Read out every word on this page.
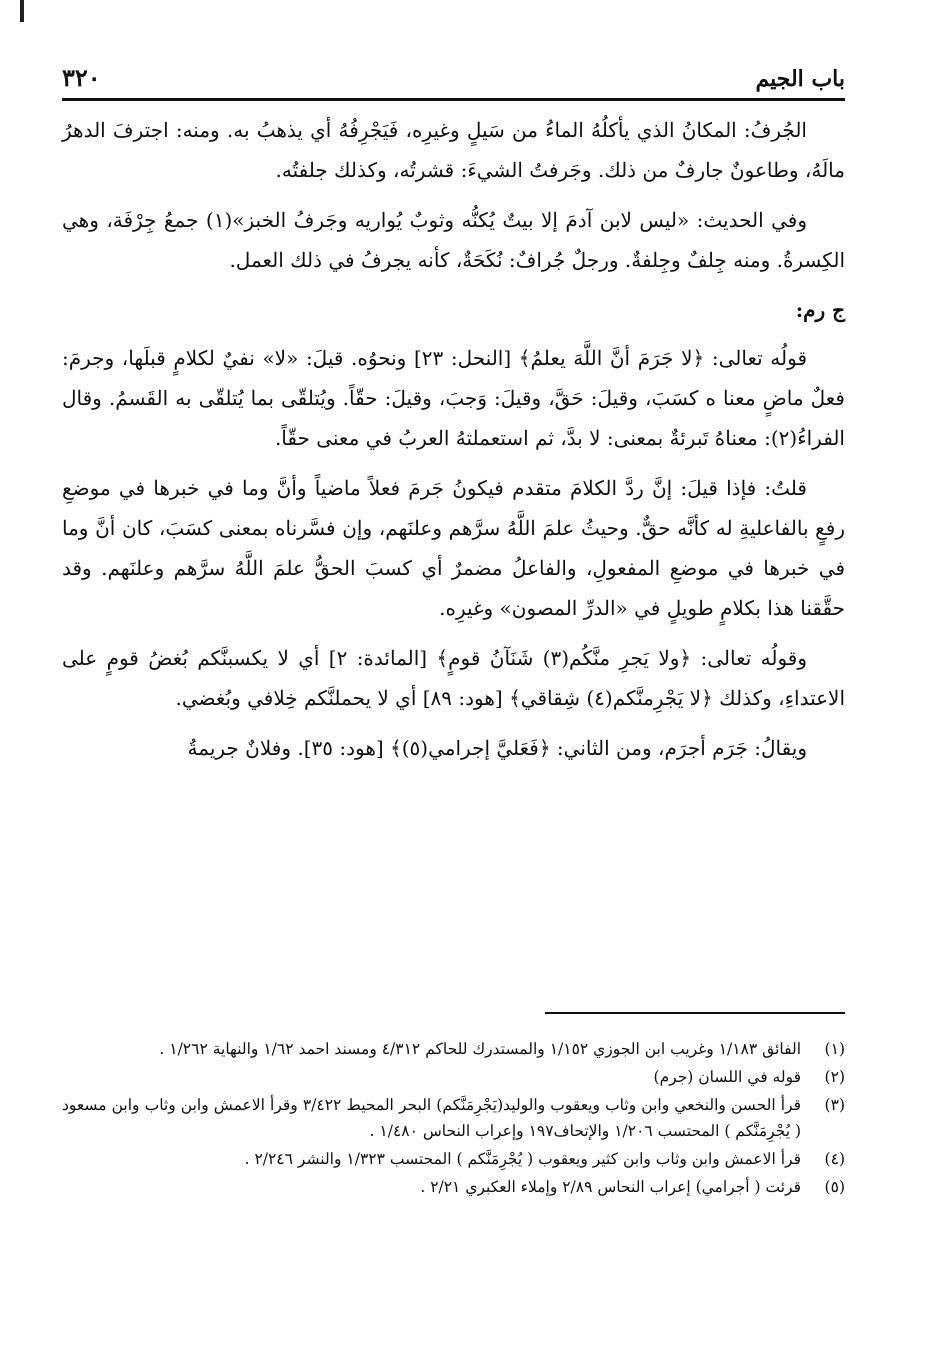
باب الجيم
٣٢٠

الجُرفُ: المكانُ الذي يأكلُهُ الماءُ من سَيلٍ وغيرِه، فَيَجْرِفُهُ أي يذهبُ به. ومنه: اجترفَ الدهرُ مالَهُ، وطاعونٌ جارفٌ من ذلك. وجَرفتُ الشيءَ: قشرتُه، وكذلك جلفتُه.

وفي الحديث: «ليس لابن آدمَ إلا بيتٌ يُكنُّه وثوبٌ يُواريه وجَرفُ الخبز»(١) جمعُ جِرْفَة، وهي الكِسرةُ. ومنه جِلفٌ وجِلفةٌ. ورجلٌ جُرافٌ: نُكَحَةٌ، كأنه يجرفُ في ذلك العمل.

ج رم:

قولُه تعالى: ﴿لا جَرَمَ أنَّ اللَّهَ يعلمُ﴾ [النحل: ٢٣] ونحوُه. قيلَ: «لا» نفيٌ لكلامٍ قبلَها، وجرمَ: فعلٌ ماضٍ معنا ه كسَبَ، وقيلَ: حَقَّ، وقيلَ: وَجبَ، وقيلَ: حقّاً. ويُتلقّى بما يُتلقّى به القَسمُ. وقال الفراءُ(٢): معناهُ تَبرئةٌ بمعنى: لا بدَّ، ثم استعملتهُ العربُ في معنى حقّاً.

قلتُ: فإذا قيلَ: إنَّ ردَّ الكلامَ متقدم فيكونُ جَرمَ فعلاً ماضياً وأنَّ وما في خبرها في موضعِ رفعٍ بالفاعليةِ له كأنَّه حقٌّ. وحيثُ علمَ اللَّهُ سرَّهم وعلنَهم، وإن فسَّرناه بمعنى كسَبَ، كان أنَّ وما في خبرها في موضعِ المفعولِ، والفاعلُ مضمرٌ أي كسبَ الحقُّ علمَ اللَّهُ سرَّهم وعلنَهم. وقد حقَّقنا هذا بكلامٍ طويلٍ في «الدرِّ المصون» وغيرِه.

وقولُه تعالى: ﴿ولا يَجرِ منَّكُم(٣) شَنَآنُ قومٍ﴾ [المائدة: ٢] أي لا يكسبنَّكم بُغضُ قومٍ على الاعتداءِ، وكذلك ﴿لا يَجْرِمنَّكم(٤) شِقاقي﴾ [هود: ٨٩] أي لا يحملنَّكم خِلافي وبُغضي.

ويقالُ: جَرَم أجرَم، ومن الثاني: ﴿فَعَليَّ إجرامي(٥)﴾ [هود: ٣٥]. وفلانٌ جريمةُ

(١)
الفائق ١/١٨٣ وغريب ابن الجوزي ١/١٥٢ والمستدرك للحاكم ٤/٣١٢ ومسند احمد ١/٦٢ والنهاية ١/٢٦٢ .
(٢)
قوله في اللسان (جرم)
(٣)
قرأ الحسن والنخعي وابن وثاب ويعقوب والوليد(يَجْرِمَنَّكم) البحر المحيط ٣/٤٢٢ وقرأ الاعمش وابن وثاب وابن مسعود ( يُجْرِمَنَّكم ) المحتسب ١/٢٠٦ والإتحاف١٩٧ وإعراب النحاس ١/٤٨٠ .
(٤)
قرأ الاعمش وابن وثاب وابن كثير ويعقوب ( يُجْرِمَنَّكم ) المحتسب ١/٣٢٣ والنشر ٢/٢٤٦ .
(٥)
قرئت ( أجرامي) إعراب النحاس ٢/٨٩ وإملاء العكبري ٢/٢١ .
